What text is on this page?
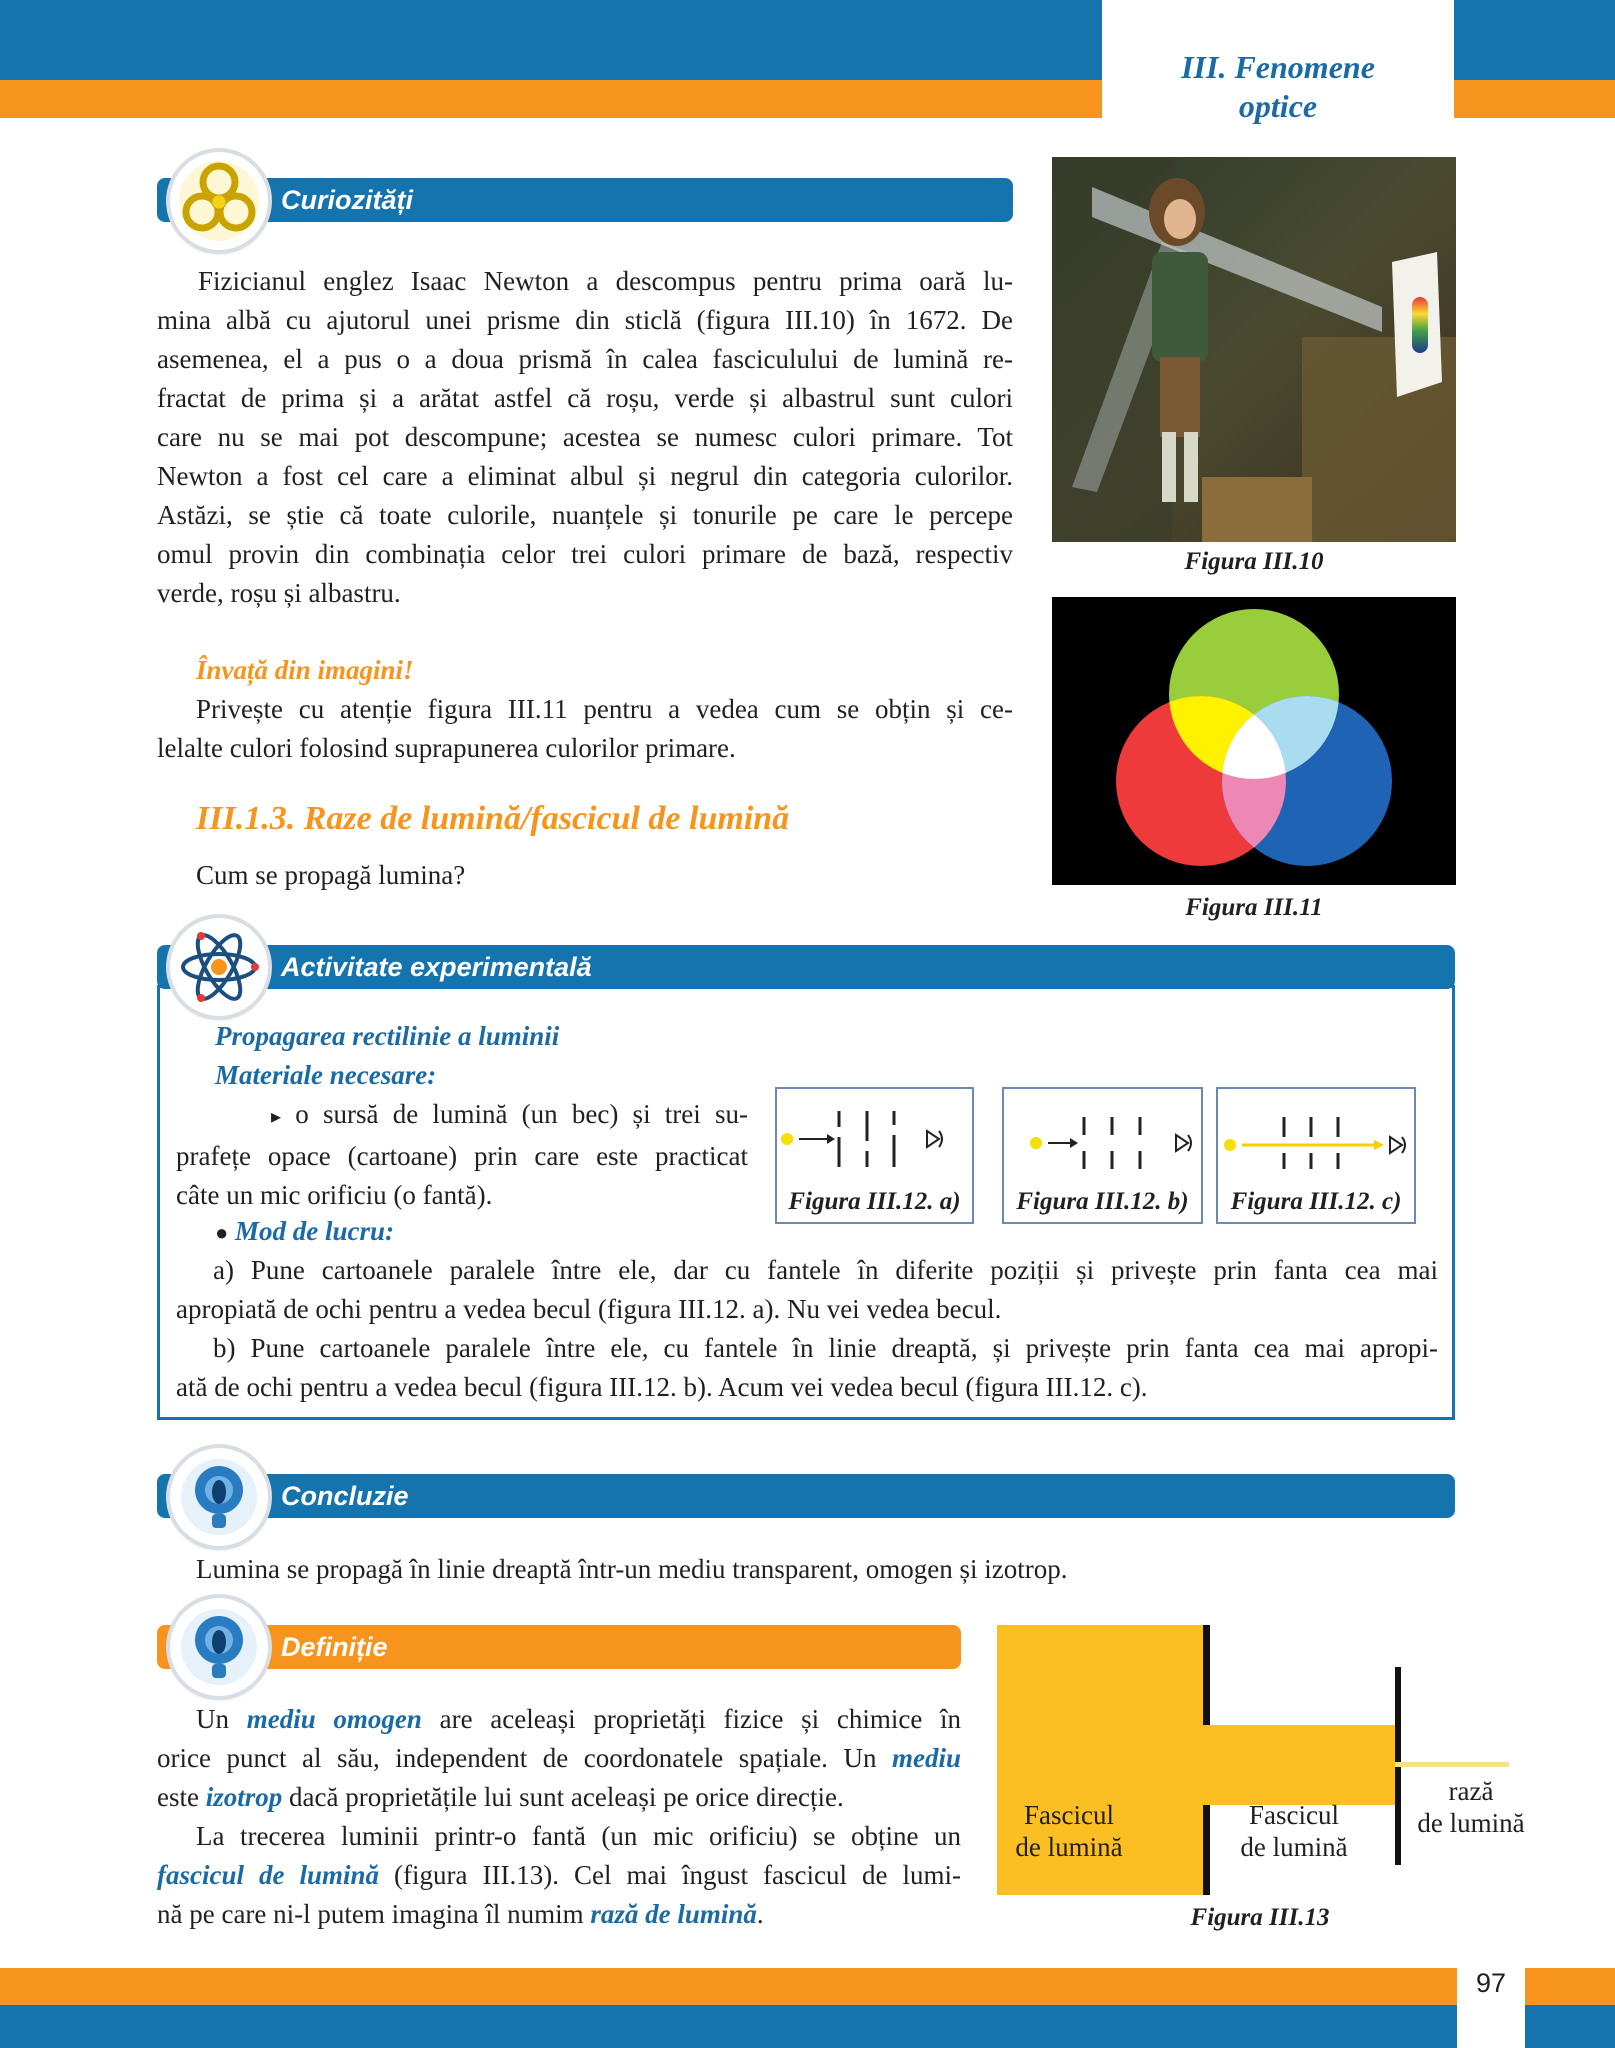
III. Fenomene
optice
Curiozități
Fizicianul englez Isaac Newton a descompus pentru prima oară lu-
mina albă cu ajutorul unei prisme din sticlă (figura III.10) în 1672. De
asemenea, el a pus o a doua prismă în calea fasciculului de lumină re-
fractat de prima și a arătat astfel că roșu, verde și albastrul sunt culori
care nu se mai pot descompune; acestea se numesc culori primare. Tot
Newton a fost cel care a eliminat albul și negrul din categoria culorilor.
Astăzi, se știe că toate culorile, nuanțele și tonurile pe care le percepe
omul provin din combinația celor trei culori primare de bază, respectiv
verde, roșu și albastru.
Figura III.10
Figura III.11
Învață din imagini!
Privește cu atenție figura III.11 pentru a vedea cum se obțin și ce-
lelalte culori folosind suprapunerea culorilor primare.
III.1.3. Raze de lumină/fascicul de lumină
Cum se propagă lumina?
Activitate experimentală
Propagarea rectilinie a luminii
Materiale necesare:
▸ o sursă de lumină (un bec) și trei su-
prafețe opace (cartoane) prin care este practicat
câte un mic orificiu (o fantă).
● Mod de lucru:
a) Pune cartoanele paralele între ele, dar cu fantele în diferite poziții și privește prin fanta cea mai
apropiată de ochi pentru a vedea becul (figura III.12. a). Nu vei vedea becul.
b) Pune cartoanele paralele între ele, cu fantele în linie dreaptă, și privește prin fanta cea mai apropi-
ată de ochi pentru a vedea becul (figura III.12. b). Acum vei vedea becul (figura III.12. c).
Figura III.12. a)	Figura III.12. b)	Figura III.12. c)
Concluzie
Lumina se propagă în linie dreaptă într-un mediu transparent, omogen și izotrop.
Definiție
Un mediu omogen are aceleași proprietăți fizice și chimice în
orice punct al său, independent de coordonatele spațiale. Un mediu
este izotrop dacă proprietățile lui sunt aceleași pe orice direcție.
La trecerea luminii printr-o fantă (un mic orificiu) se obține un
fascicul de lumină (figura III.13). Cel mai îngust fascicul de lumi-
nă pe care ni-l putem imagina îl numim rază de lumină.
Fascicul
de lumină
Fascicul
de lumină
rază
de lumină
Figura III.13
97
